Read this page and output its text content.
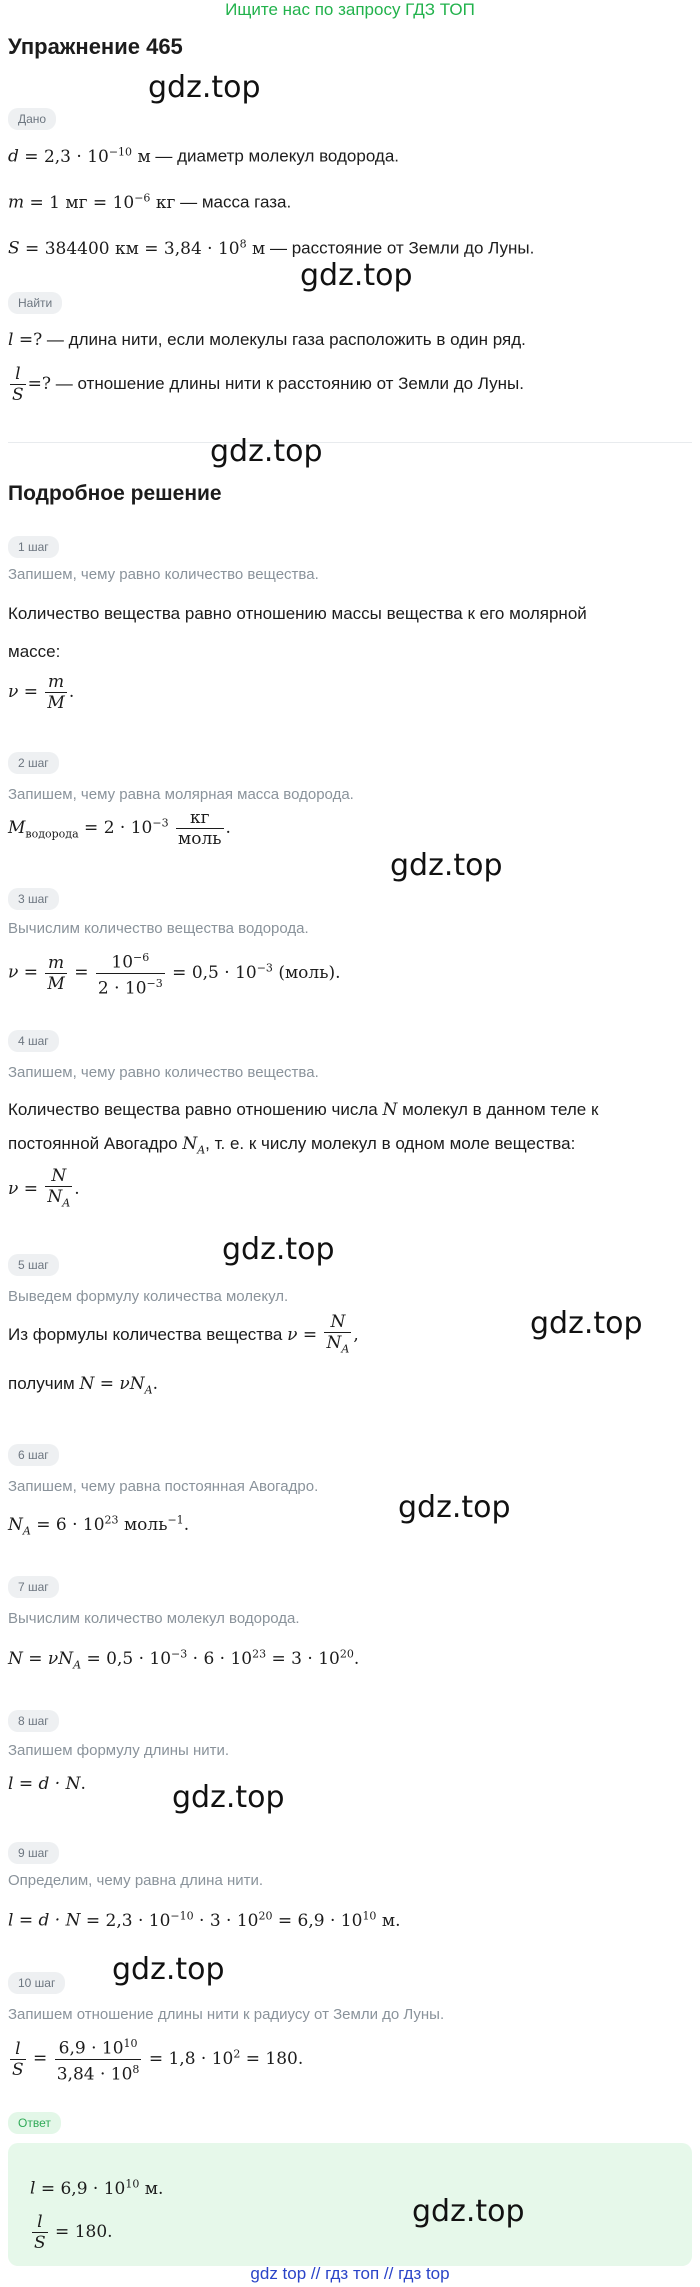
Ищите нас по запросу ГДЗ ТОП
Упражнение 465
Дано
$d = 2,3 \cdot 10^{-10}$ м — диаметр молекул водорода.
m = 1 мг = $10^{-6}$ кг — масса газа.
S = 384400 км = $3,84 \cdot 10^8$ м — расстояние от Земли до Луны.
Найти
l =? — длина нити, если молекулы газа расположить в один ряд.
$\frac{l}{S}$ =? — отношение длины нити к расстоянию от Земли до Луны.
Подробное решение
1 шаг
Запишем, чему равно количество вещества.
Количество вещества равно отношению массы вещества к его молярной
массе:
$\nu = \frac{m}{M}$ .
2 шаг
Запишем, чему равна молярная масса водорода.
$M_{водорода} = 2 \cdot 10^{-3} \frac{кг}{\text{моль}}$ .
3 шаг
Вычислим количество вещества водорода.
$\nu = \frac{m}{M} = \frac{10^{-6}}{2 \cdot 10^{-3}} = 0,5 \cdot 10^{-3}$ (моль).
4 шаг
Запишем, чему равно количество вещества.
Количество вещества равно отношению числа N молекул в данном теле к
постоянной Авогадро $N_A$, т. е. к числу молекул в одном моле вещества:
$\nu = \frac{N}{N_A}$ .
5 шаг
Выведем формулу количества молекул.
Из формулы количества вещества $\nu = \frac{N}{N_A}$ ,
получим $N = \nu N_A$.
6 шаг
Запишем, чему равна постоянная Авогадро.
$N_A = 6 \cdot 10^{23}$ моль$^{-1}$.
7 шаг
Вычислим количество молекул водорода.
$N = \nu N_A = 0,5 \cdot 10^{-3} \cdot 6 \cdot 10^{23} = 3 \cdot 10^{20}$.
8 шаг
Запишем формулу длины нити.
l = d · N.
9 шаг
Определим, чему равна длина нити.
$l = d \cdot N = 2,3 \cdot 10^{-10} \cdot 3 \cdot 10^{20} = 6,9 \cdot 10^{10}$ м.
10 шаг
Запишем отношение длины нити к радиусу от Земли до Луны.
$\frac{l}{S} = \frac{6,9 \cdot 10^{10}}{3,84 \cdot 10^8} = 1,8 \cdot 10^2 = 180$.
Ответ
$l = 6,9 \cdot 10^{10}$ м.
$\frac{l}{S} = 180$.
gdz.top
gdz.top
gdz.top
gdz.top
gdz.top
gdz.top
gdz.top
gdz.top
gdz.top
gdz.top
gdz top // гдз топ // гдз top
